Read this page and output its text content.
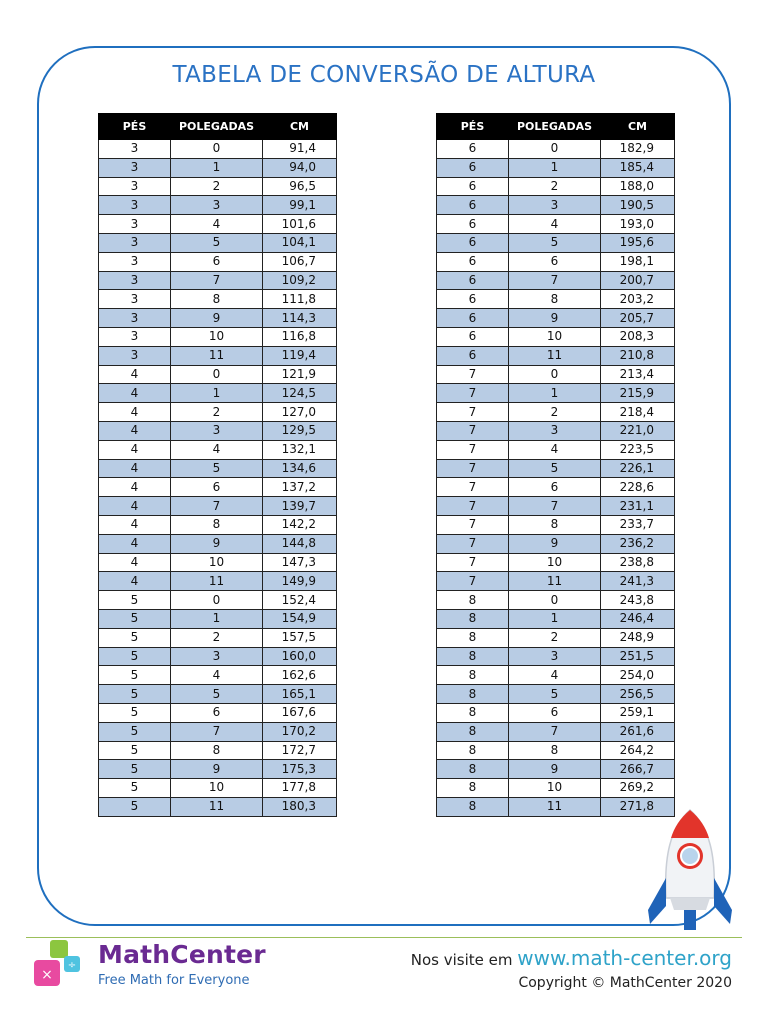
TABELA DE CONVERSÃO DE ALTURA
PÉS	POLEGADAS	CM
3	0	91,4
3	1	94,0
3	2	96,5
3	3	99,1
3	4	101,6
3	5	104,1
3	6	106,7
3	7	109,2
3	8	111,8
3	9	114,3
3	10	116,8
3	11	119,4
4	0	121,9
4	1	124,5
4	2	127,0
4	3	129,5
4	4	132,1
4	5	134,6
4	6	137,2
4	7	139,7
4	8	142,2
4	9	144,8
4	10	147,3
4	11	149,9
5	0	152,4
5	1	154,9
5	2	157,5
5	3	160,0
5	4	162,6
5	5	165,1
5	6	167,6
5	7	170,2
5	8	172,7
5	9	175,3
5	10	177,8
5	11	180,3
PÉS	POLEGADAS	CM
6	0	182,9
6	1	185,4
6	2	188,0
6	3	190,5
6	4	193,0
6	5	195,6
6	6	198,1
6	7	200,7
6	8	203,2
6	9	205,7
6	10	208,3
6	11	210,8
7	0	213,4
7	1	215,9
7	2	218,4
7	3	221,0
7	4	223,5
7	5	226,1
7	6	228,6
7	7	231,1
7	8	233,7
7	9	236,2
7	10	238,8
7	11	241,3
8	0	243,8
8	1	246,4
8	2	248,9
8	3	251,5
8	4	254,0
8	5	256,5
8	6	259,1
8	7	261,6
8	8	264,2
8	9	266,7
8	10	269,2
8	11	271,8
×
÷ MathCenter
Free Math for Everyone
Nos visite em www.math-center.org
Copyright © MathCenter 2020
